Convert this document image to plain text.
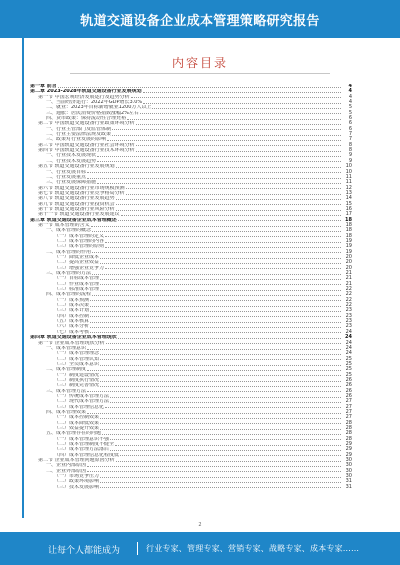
轨道交通设备企业成本管理策略研究报告
内容目录
第一章 前言	4
第二章 2023-2028年轨道交通设备行业发展规划	4
第一节 中国宏观经济发展运行及趋势分析	4
一、当前经济运行：2022年GDP增长3.0%	4
二、就业：2023年目标新增就业1200万人以上	5
三、通胀：居民消费价格指数涨幅2%左右	5
四、货币政策：保持流动性合理充裕	6
第二节 中国轨道交通设备行业政策环境分析	6
一、行业主管部门及监管体制	6
二、行业主要法律法规及政策	7
三、政策对行业发展的影响	7
第三节 中国轨道交通设备行业社会环境分析	8
第四节 中国轨道交通设备行业技术环境分析	8
一、行业技术发展现状	9
二、行业技术发展趋势	9
第五节 轨道交通设备行业发展规划	10
一、行业发展目标	10
二、行业发展重点	11
三、行业发展保障措施	11
第六节 轨道交通设备行业市场规模预测	12
第七节 轨道交通设备行业竞争格局分析	13
第八节 轨道交通设备行业发展趋势	14
第九节 轨道交通设备行业投资机会	15
第十节 轨道交通设备行业风险分析	16
第十一节 轨道交通设备行业发展建议	17
第三章 轨道交通设备企业成本管理概述	18
第一节 成本管理的含义	18
一、成本管理的概念	18
（一）成本管理的定义	18
（二）成本管理的内容	19
（三）成本管理的原则	19
二、成本管理的作用	19
（一）降低企业成本	20
（二）提高企业效益	20
（三）增强企业竞争力	20
三、成本管理的方法	21
（一）目标成本管理	21
（二）作业成本管理	21
（三）标准成本管理	22
四、成本管理的流程	22
（一）成本预测	22
（二）成本决策	22
（三）成本计划	23
（四）成本控制	23
（五）成本核算	23
（六）成本分析	23
（七）成本考核	24
第四章 轨道交通设备企业成本管理现状	24
第一节 企业成本管理现状分析	24
一、成本管理意识	24
（一）成本管理理念	24
（二）成本管理认知	25
（三）全员成本意识	25
二、成本管理制度	25
（一）制度建设情况	25
（二）制度执行情况	26
（三）制度完善情况	26
三、成本管理方法	26
（一）传统成本管理方法	26
（二）现代成本管理方法	27
（三）成本管理信息化	27
四、成本管理效果	27
（一）成本控制效果	27
（二）成本降低效果	28
（三）效益提升效果	28
五、成本管理存在的问题	28
（一）成本管理意识不强	28
（二）成本管理制度不健全	29
（三）成本管理方法落后	29
（四）成本管理信息化程度低	29
第二节 企业成本管理问题原因分析	30
一、企业内部原因	30
二、企业外部原因	30
（一）市场竞争压力	30
（二）政策环境影响	31
（三）技术发展影响	31
2
让每个人都能成为	行业专家、管理专家、营销专家、战略专家、成本专家……
